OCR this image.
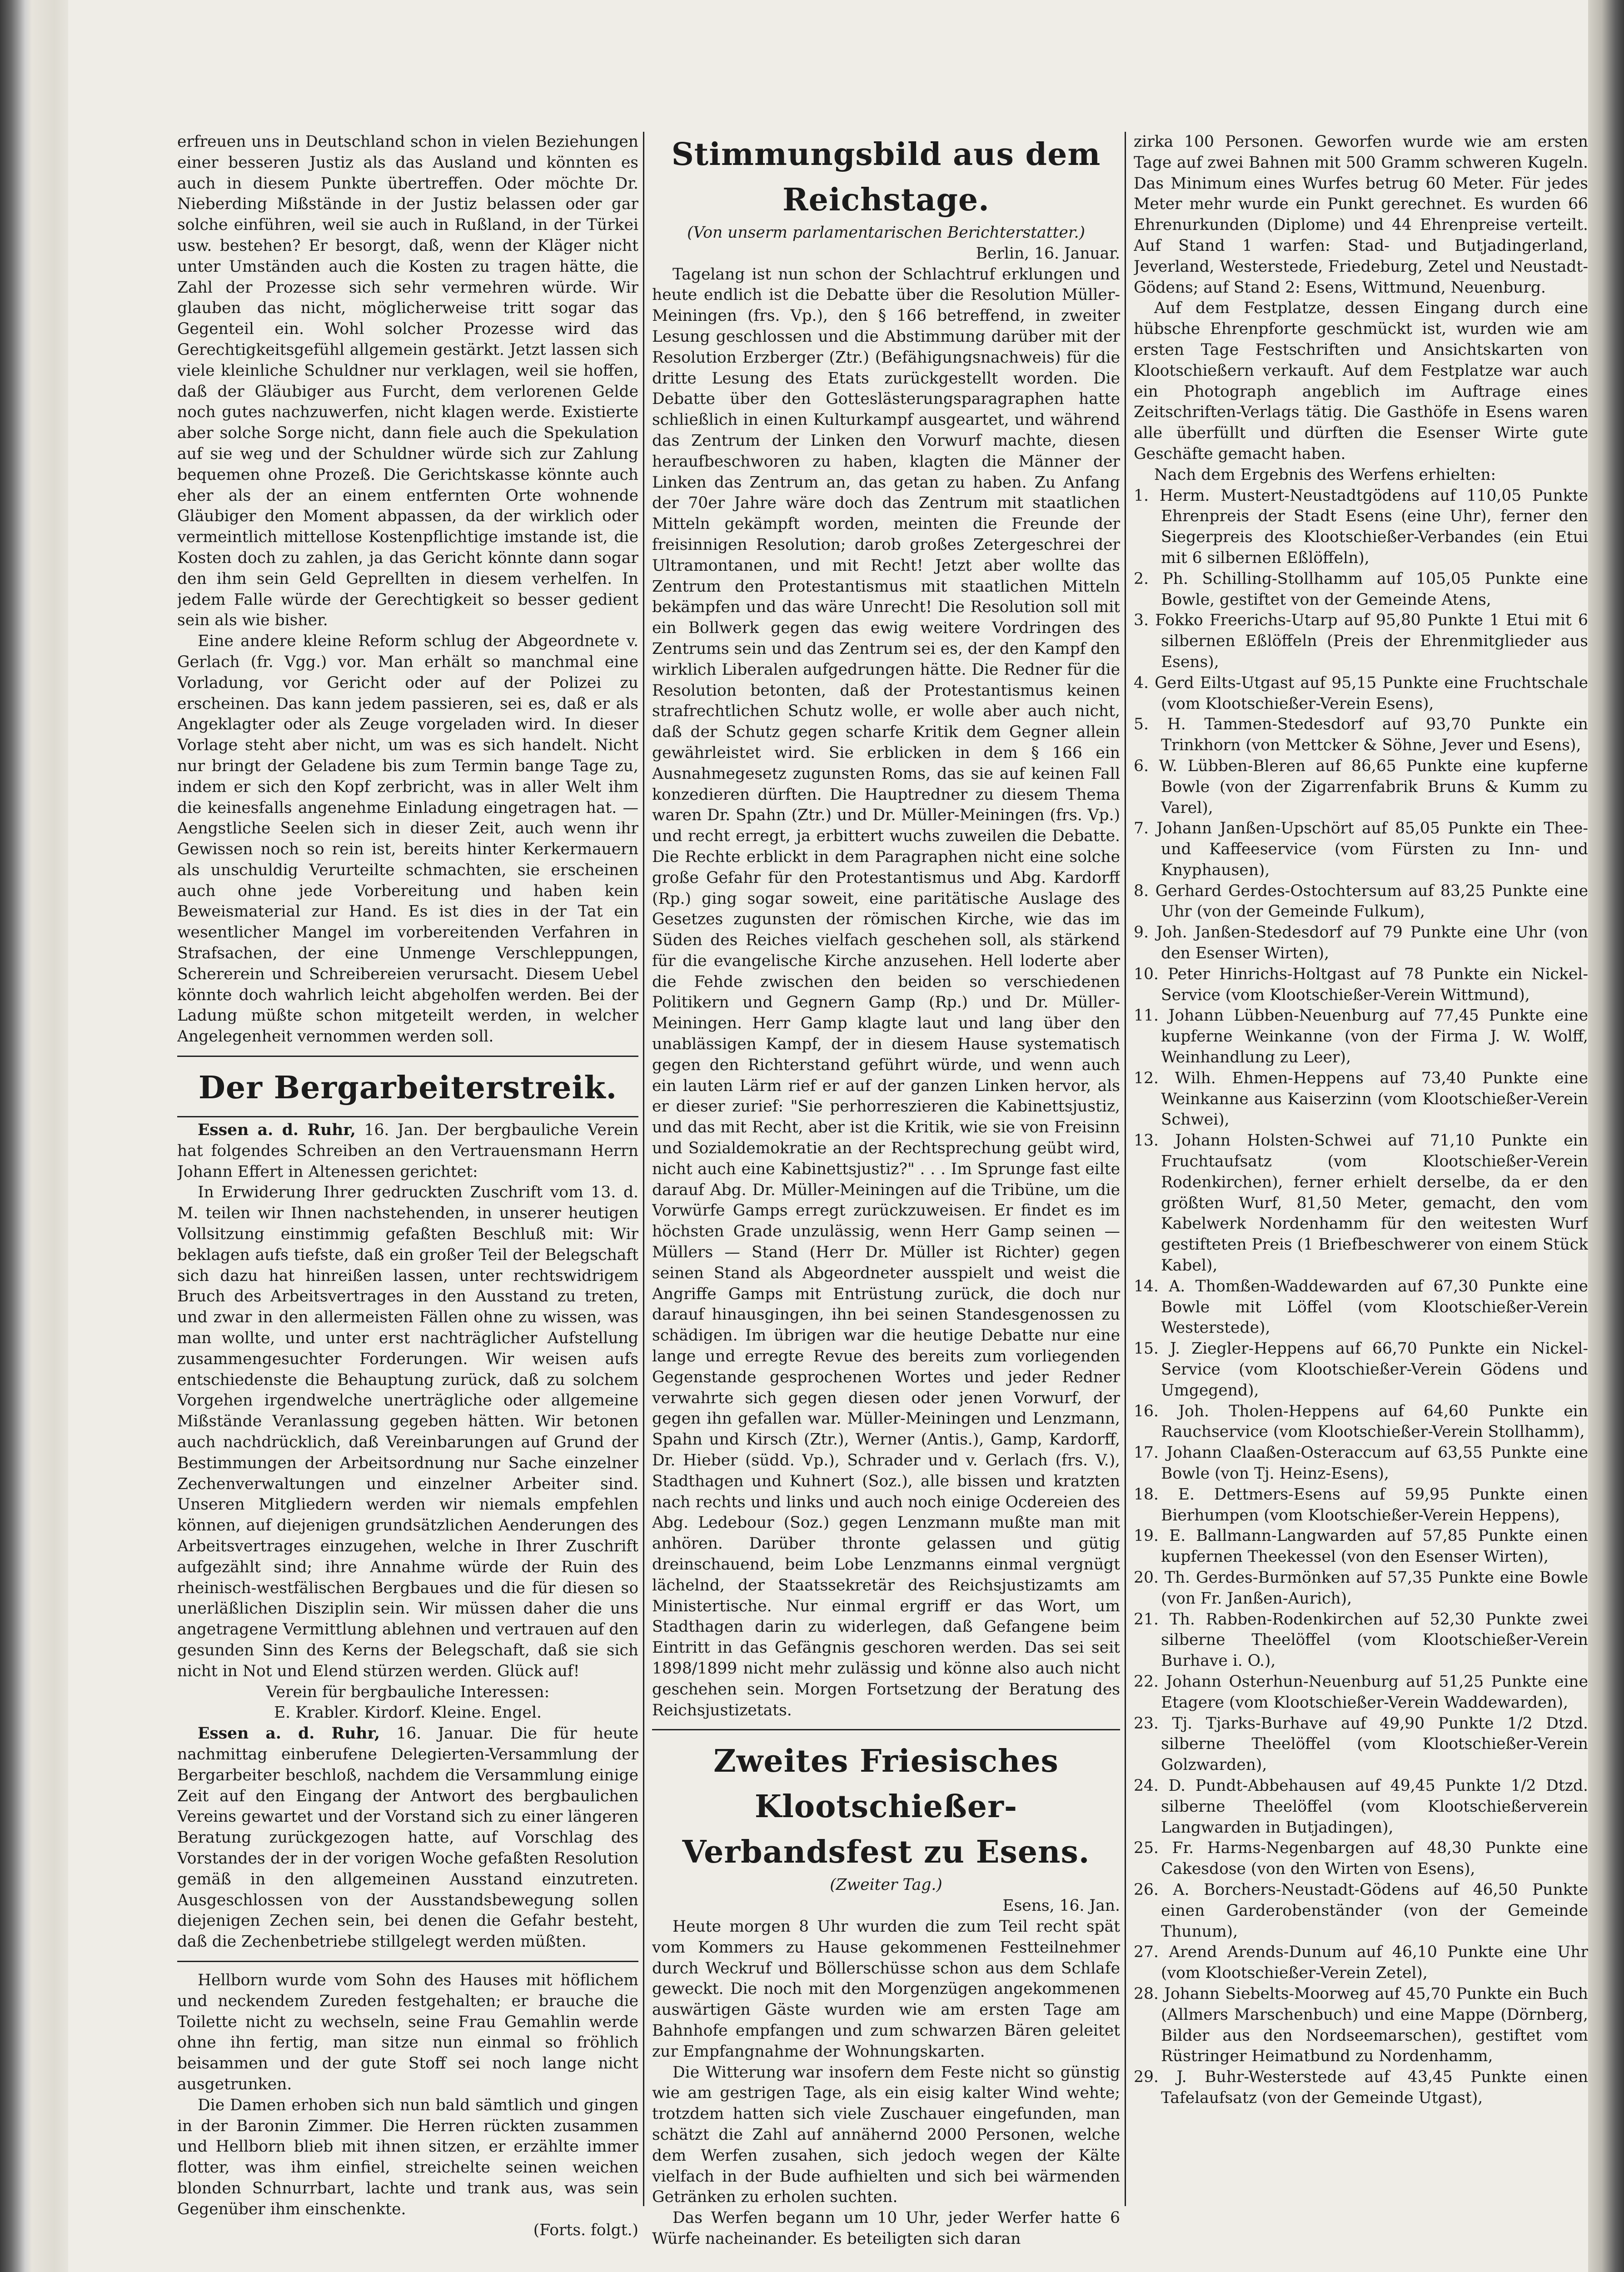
erfreuen uns in Deutschland schon in vielen Beziehungen einer besseren Justiz als das Ausland und könnten es auch in diesem Punkte übertreffen. Oder möchte Dr. Nieberding Mißstände in der Justiz belassen oder gar solche einführen, weil sie auch in Rußland, in der Türkei usw. bestehen? Er besorgt, daß, wenn der Kläger nicht unter Umständen auch die Kosten zu tragen hätte, die Zahl der Prozesse sich sehr vermehren würde. Wir glauben das nicht, möglicherweise tritt sogar das Gegenteil ein. Wohl solcher Prozesse wird das Gerechtigkeitsgefühl allgemein gestärkt. Jetzt lassen sich viele kleinliche Schuldner nur verklagen, weil sie hoffen, daß der Gläubiger aus Furcht, dem verlorenen Gelde noch gutes nachzuwerfen, nicht klagen werde. Existierte aber solche Sorge nicht, dann fiele auch die Spekulation auf sie weg und der Schuldner würde sich zur Zahlung bequemen ohne Prozeß. Die Gerichtskasse könnte auch eher als der an einem entfernten Orte wohnende Gläubiger den Moment abpassen, da der wirklich oder vermeintlich mittellose Kostenpflichtige imstande ist, die Kosten doch zu zahlen, ja das Gericht könnte dann sogar den ihm sein Geld Geprellten in diesem verhelfen. In jedem Falle würde der Gerechtigkeit so besser gedient sein als wie bisher.

Eine andere kleine Reform schlug der Abgeordnete v. Gerlach (fr. Vgg.) vor. Man erhält so manchmal eine Vorladung, vor Gericht oder auf der Polizei zu erscheinen. Das kann jedem passieren, sei es, daß er als Angeklagter oder als Zeuge vorgeladen wird. In dieser Vorlage steht aber nicht, um was es sich handelt. Nicht nur bringt der Geladene bis zum Termin bange Tage zu, indem er sich den Kopf zerbricht, was in aller Welt ihm die keinesfalls angenehme Einladung eingetragen hat. — Aengstliche Seelen sich in dieser Zeit, auch wenn ihr Gewissen noch so rein ist, bereits hinter Kerkermauern als unschuldig Verurteilte schmachten, sie erscheinen auch ohne jede Vorbereitung und haben kein Beweismaterial zur Hand. Es ist dies in der Tat ein wesentlicher Mangel im vorbereitenden Verfahren in Strafsachen, der eine Unmenge Verschleppungen, Schererein und Schreibereien verursacht. Diesem Uebel könnte doch wahrlich leicht abgeholfen werden. Bei der Ladung müßte schon mitgeteilt werden, in welcher Angelegenheit vernommen werden soll.

Der Bergarbeiterstreik.

Essen a. d. Ruhr, 16. Jan. Der bergbauliche Verein hat folgendes Schreiben an den Vertrauensmann Herrn Johann Effert in Altenessen gerichtet:

In Erwiderung Ihrer gedruckten Zuschrift vom 13. d. M. teilen wir Ihnen nachstehenden, in unserer heutigen Vollsitzung einstimmig gefaßten Beschluß mit: Wir beklagen aufs tiefste, daß ein großer Teil der Belegschaft sich dazu hat hinreißen lassen, unter rechtswidrigem Bruch des Arbeitsvertrages in den Ausstand zu treten, und zwar in den allermeisten Fällen ohne zu wissen, was man wollte, und unter erst nachträglicher Aufstellung zusammengesuchter Forderungen. Wir weisen aufs entschiedenste die Behauptung zurück, daß zu solchem Vorgehen irgendwelche unerträgliche oder allgemeine Mißstände Veranlassung gegeben hätten. Wir betonen auch nachdrücklich, daß Vereinbarungen auf Grund der Bestimmungen der Arbeitsordnung nur Sache einzelner Zechenverwaltungen und einzelner Arbeiter sind. Unseren Mitgliedern werden wir niemals empfehlen können, auf diejenigen grundsätzlichen Aenderungen des Arbeitsvertrages einzugehen, welche in Ihrer Zuschrift aufgezählt sind; ihre Annahme würde der Ruin des rheinisch-westfälischen Bergbaues und die für diesen so unerläßlichen Disziplin sein. Wir müssen daher die uns angetragene Vermittlung ablehnen und vertrauen auf den gesunden Sinn des Kerns der Belegschaft, daß sie sich nicht in Not und Elend stürzen werden. Glück auf!

Verein für bergbauliche Interessen:

E. Krabler. Kirdorf. Kleine. Engel.

Essen a. d. Ruhr, 16. Januar. Die für heute nachmittag einberufene Delegierten-Versammlung der Bergarbeiter beschloß, nachdem die Versammlung einige Zeit auf den Eingang der Antwort des bergbaulichen Vereins gewartet und der Vorstand sich zu einer längeren Beratung zurückgezogen hatte, auf Vorschlag des Vorstandes der in der vorigen Woche gefaßten Resolution gemäß in den allgemeinen Ausstand einzutreten. Ausgeschlossen von der Ausstandsbewegung sollen diejenigen Zechen sein, bei denen die Gefahr besteht, daß die Zechenbetriebe stillgelegt werden müßten.

Hellborn wurde vom Sohn des Hauses mit höflichem und neckendem Zureden festgehalten; er brauche die Toilette nicht zu wechseln, seine Frau Gemahlin werde ohne ihn fertig, man sitze nun einmal so fröhlich beisammen und der gute Stoff sei noch lange nicht ausgetrunken.

Die Damen erhoben sich nun bald sämtlich und gingen in der Baronin Zimmer. Die Herren rückten zusammen und Hellborn blieb mit ihnen sitzen, er erzählte immer flotter, was ihm einfiel, streichelte seinen weichen blonden Schnurrbart, lachte und trank aus, was sein Gegenüber ihm einschenkte.

(Forts. folgt.)

Stimmungsbild aus dem Reichstage.

(Von unserm parlamentarischen Berichterstatter.)

Berlin, 16. Januar.

Tagelang ist nun schon der Schlachtruf erklungen und heute endlich ist die Debatte über die Resolution Müller-Meiningen (frs. Vp.), den § 166 betreffend, in zweiter Lesung geschlossen und die Abstimmung darüber mit der Resolution Erzberger (Ztr.) (Befähigungsnachweis) für die dritte Lesung des Etats zurückgestellt worden. Die Debatte über den Gotteslästerungsparagraphen hatte schließlich in einen Kulturkampf ausgeartet, und während das Zentrum der Linken den Vorwurf machte, diesen heraufbeschworen zu haben, klagten die Männer der Linken das Zentrum an, das getan zu haben. Zu Anfang der 70er Jahre wäre doch das Zentrum mit staatlichen Mitteln gekämpft worden, meinten die Freunde der freisinnigen Resolution; darob großes Zetergeschrei der Ultramontanen, und mit Recht! Jetzt aber wollte das Zentrum den Protestantismus mit staatlichen Mitteln bekämpfen und das wäre Unrecht! Die Resolution soll mit ein Bollwerk gegen das ewig weitere Vordringen des Zentrums sein und das Zentrum sei es, der den Kampf den wirklich Liberalen aufgedrungen hätte. Die Redner für die Resolution betonten, daß der Protestantismus keinen strafrechtlichen Schutz wolle, er wolle aber auch nicht, daß der Schutz gegen scharfe Kritik dem Gegner allein gewährleistet wird. Sie erblicken in dem § 166 ein Ausnahmegesetz zugunsten Roms, das sie auf keinen Fall konzedieren dürften. Die Hauptredner zu diesem Thema waren Dr. Spahn (Ztr.) und Dr. Müller-Meiningen (frs. Vp.) und recht erregt, ja erbittert wuchs zuweilen die Debatte. Die Rechte erblickt in dem Paragraphen nicht eine solche große Gefahr für den Protestantismus und Abg. Kardorff (Rp.) ging sogar soweit, eine paritätische Auslage des Gesetzes zugunsten der römischen Kirche, wie das im Süden des Reiches vielfach geschehen soll, als stärkend für die evangelische Kirche anzusehen. Hell loderte aber die Fehde zwischen den beiden so verschiedenen Politikern und Gegnern Gamp (Rp.) und Dr. Müller-Meiningen. Herr Gamp klagte laut und lang über den unablässigen Kampf, der in diesem Hause systematisch gegen den Richterstand geführt würde, und wenn auch ein lauten Lärm rief er auf der ganzen Linken hervor, als er dieser zurief: "Sie perhorreszieren die Kabinettsjustiz, und das mit Recht, aber ist die Kritik, wie sie von Freisinn und Sozialdemokratie an der Rechtsprechung geübt wird, nicht auch eine Kabinettsjustiz?" . . . Im Sprunge fast eilte darauf Abg. Dr. Müller-Meiningen auf die Tribüne, um die Vorwürfe Gamps erregt zurückzuweisen. Er findet es im höchsten Grade unzulässig, wenn Herr Gamp seinen — Müllers — Stand (Herr Dr. Müller ist Richter) gegen seinen Stand als Abgeordneter ausspielt und weist die Angriffe Gamps mit Entrüstung zurück, die doch nur darauf hinausgingen, ihn bei seinen Standesgenossen zu schädigen. Im übrigen war die heutige Debatte nur eine lange und erregte Revue des bereits zum vorliegenden Gegenstande gesprochenen Wortes und jeder Redner verwahrte sich gegen diesen oder jenen Vorwurf, der gegen ihn gefallen war. Müller-Meiningen und Lenzmann, Spahn und Kirsch (Ztr.), Werner (Antis.), Gamp, Kardorff, Dr. Hieber (südd. Vp.), Schrader und v. Gerlach (frs. V.), Stadthagen und Kuhnert (Soz.), alle bissen und kratzten nach rechts und links und auch noch einige Ocdereien des Abg. Ledebour (Soz.) gegen Lenzmann mußte man mit anhören. Darüber thronte gelassen und gütig dreinschauend, beim Lobe Lenzmanns einmal vergnügt lächelnd, der Staatssekretär des Reichsjustizamts am Ministertische. Nur einmal ergriff er das Wort, um Stadthagen darin zu widerlegen, daß Gefangene beim Eintritt in das Gefängnis geschoren werden. Das sei seit 1898/1899 nicht mehr zulässig und könne also auch nicht geschehen sein. Morgen Fortsetzung der Beratung des Reichsjustizetats.

Zweites Friesisches Klootschießer-Verbandsfest zu Esens.

(Zweiter Tag.)

Esens, 16. Jan.

Heute morgen 8 Uhr wurden die zum Teil recht spät vom Kommers zu Hause gekommenen Festteilnehmer durch Weckruf und Böllerschüsse schon aus dem Schlafe geweckt. Die noch mit den Morgenzügen angekommenen auswärtigen Gäste wurden wie am ersten Tage am Bahnhofe empfangen und zum schwarzen Bären geleitet zur Empfangnahme der Wohnungskarten.

Die Witterung war insofern dem Feste nicht so günstig wie am gestrigen Tage, als ein eisig kalter Wind wehte; trotzdem hatten sich viele Zuschauer eingefunden, man schätzt die Zahl auf annähernd 2000 Personen, welche dem Werfen zusahen, sich jedoch wegen der Kälte vielfach in der Bude aufhielten und sich bei wärmenden Getränken zu erholen suchten.

Das Werfen begann um 10 Uhr, jeder Werfer hatte 6 Würfe nacheinander. Es beteiligten sich daran

zirka 100 Personen. Geworfen wurde wie am ersten Tage auf zwei Bahnen mit 500 Gramm schweren Kugeln. Das Minimum eines Wurfes betrug 60 Meter. Für jedes Meter mehr wurde ein Punkt gerechnet. Es wurden 66 Ehrenurkunden (Diplome) und 44 Ehrenpreise verteilt. Auf Stand 1 warfen: Stad- und Butjadingerland, Jeverland, Westerstede, Friedeburg, Zetel und Neustadt-Gödens; auf Stand 2: Esens, Wittmund, Neuenburg.

Auf dem Festplatze, dessen Eingang durch eine hübsche Ehrenpforte geschmückt ist, wurden wie am ersten Tage Festschriften und Ansichtskarten von Klootschießern verkauft. Auf dem Festplatze war auch ein Photograph angeblich im Auftrage eines Zeitschriften-Verlags tätig. Die Gasthöfe in Esens waren alle überfüllt und dürften die Esenser Wirte gute Geschäfte gemacht haben.

Nach dem Ergebnis des Werfens erhielten:

1. Herm. Mustert-Neustadtgödens auf 110,05 Punkte Ehrenpreis der Stadt Esens (eine Uhr), ferner den Siegerpreis des Klootschießer-Verbandes (ein Etui mit 6 silbernen Eßlöffeln),

2. Ph. Schilling-Stollhamm auf 105,05 Punkte eine Bowle, gestiftet von der Gemeinde Atens,

3. Fokko Freerichs-Utarp auf 95,80 Punkte 1 Etui mit 6 silbernen Eßlöffeln (Preis der Ehrenmitglieder aus Esens),

4. Gerd Eilts-Utgast auf 95,15 Punkte eine Fruchtschale (vom Klootschießer-Verein Esens),

5. H. Tammen-Stedesdorf auf 93,70 Punkte ein Trinkhorn (von Mettcker & Söhne, Jever und Esens),

6. W. Lübben-Bleren auf 86,65 Punkte eine kupferne Bowle (von der Zigarrenfabrik Bruns & Kumm zu Varel),

7. Johann Janßen-Upschört auf 85,05 Punkte ein Thee- und Kaffeeservice (vom Fürsten zu Inn- und Knyphausen),

8. Gerhard Gerdes-Ostochtersum auf 83,25 Punkte eine Uhr (von der Gemeinde Fulkum),

9. Joh. Janßen-Stedesdorf auf 79 Punkte eine Uhr (von den Esenser Wirten),

10. Peter Hinrichs-Holtgast auf 78 Punkte ein Nickel-Service (vom Klootschießer-Verein Wittmund),

11. Johann Lübben-Neuenburg auf 77,45 Punkte eine kupferne Weinkanne (von der Firma J. W. Wolff, Weinhandlung zu Leer),

12. Wilh. Ehmen-Heppens auf 73,40 Punkte eine Weinkanne aus Kaiserzinn (vom Klootschießer-Verein Schwei),

13. Johann Holsten-Schwei auf 71,10 Punkte ein Fruchtaufsatz (vom Klootschießer-Verein Rodenkirchen), ferner erhielt derselbe, da er den größten Wurf, 81,50 Meter, gemacht, den vom Kabelwerk Nordenhamm für den weitesten Wurf gestifteten Preis (1 Briefbeschwerer von einem Stück Kabel),

14. A. Thomßen-Waddewarden auf 67,30 Punkte eine Bowle mit Löffel (vom Klootschießer-Verein Westerstede),

15. J. Ziegler-Heppens auf 66,70 Punkte ein Nickel-Service (vom Klootschießer-Verein Gödens und Umgegend),

16. Joh. Tholen-Heppens auf 64,60 Punkte ein Rauchservice (vom Klootschießer-Verein Stollhamm),

17. Johann Claaßen-Osteraccum auf 63,55 Punkte eine Bowle (von Tj. Heinz-Esens),

18. E. Dettmers-Esens auf 59,95 Punkte einen Bierhumpen (vom Klootschießer-Verein Heppens),

19. E. Ballmann-Langwarden auf 57,85 Punkte einen kupfernen Theekessel (von den Esenser Wirten),

20. Th. Gerdes-Burmönken auf 57,35 Punkte eine Bowle (von Fr. Janßen-Aurich),

21. Th. Rabben-Rodenkirchen auf 52,30 Punkte zwei silberne Theelöffel (vom Klootschießer-Verein Burhave i. O.),

22. Johann Osterhun-Neuenburg auf 51,25 Punkte eine Etagere (vom Klootschießer-Verein Waddewarden),

23. Tj. Tjarks-Burhave auf 49,90 Punkte 1/2 Dtzd. silberne Theelöffel (vom Klootschießer-Verein Golzwarden),

24. D. Pundt-Abbehausen auf 49,45 Punkte 1/2 Dtzd. silberne Theelöffel (vom Klootschießerverein Langwarden in Butjadingen),

25. Fr. Harms-Negenbargen auf 48,30 Punkte eine Cakesdose (von den Wirten von Esens),

26. A. Borchers-Neustadt-Gödens auf 46,50 Punkte einen Garderobenständer (von der Gemeinde Thunum),

27. Arend Arends-Dunum auf 46,10 Punkte eine Uhr (vom Klootschießer-Verein Zetel),

28. Johann Siebelts-Moorweg auf 45,70 Punkte ein Buch (Allmers Marschenbuch) und eine Mappe (Dörnberg, Bilder aus den Nordseemarschen), gestiftet vom Rüstringer Heimatbund zu Nordenhamm,

29. J. Buhr-Westerstede auf 43,45 Punkte einen Tafelaufsatz (von der Gemeinde Utgast),
